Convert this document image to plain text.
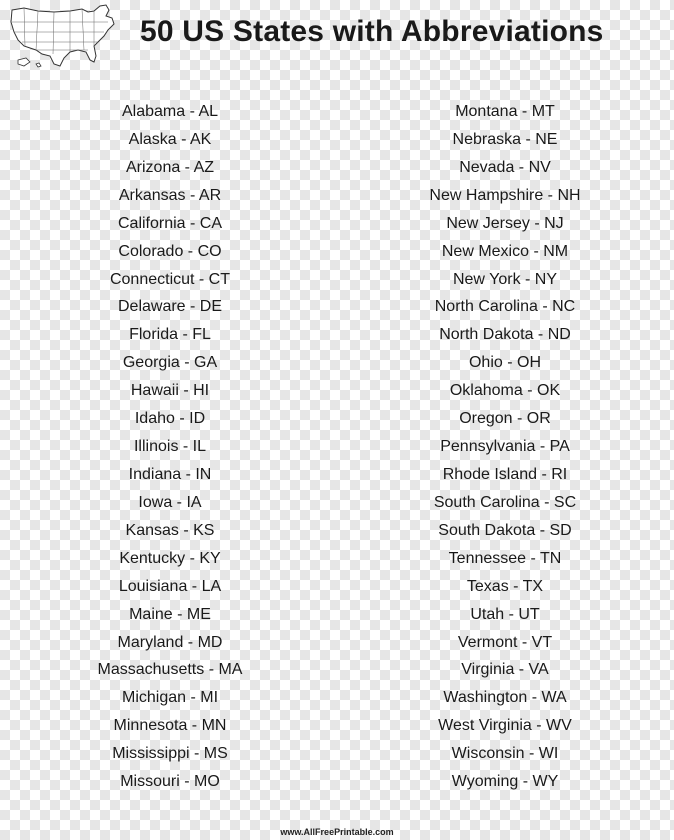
50 US States with Abbreviations
Alabama - AL
Alaska - AK
Arizona - AZ
Arkansas - AR
California - CA
Colorado - CO
Connecticut - CT
Delaware - DE
Florida - FL
Georgia - GA
Hawaii - HI
Idaho - ID
Illinois - IL
Indiana - IN
Iowa - IA
Kansas - KS
Kentucky - KY
Louisiana - LA
Maine - ME
Maryland - MD
Massachusetts - MA
Michigan - MI
Minnesota - MN
Mississippi - MS
Missouri - MO
Montana - MT
Nebraska - NE
Nevada - NV
New Hampshire - NH
New Jersey - NJ
New Mexico - NM
New York - NY
North Carolina - NC
North Dakota - ND
Ohio - OH
Oklahoma - OK
Oregon - OR
Pennsylvania - PA
Rhode Island - RI
South Carolina - SC
South Dakota - SD
Tennessee - TN
Texas - TX
Utah - UT
Vermont - VT
Virginia - VA
Washington - WA
West Virginia - WV
Wisconsin - WI
Wyoming - WY
www.AllFreePrintable.com
